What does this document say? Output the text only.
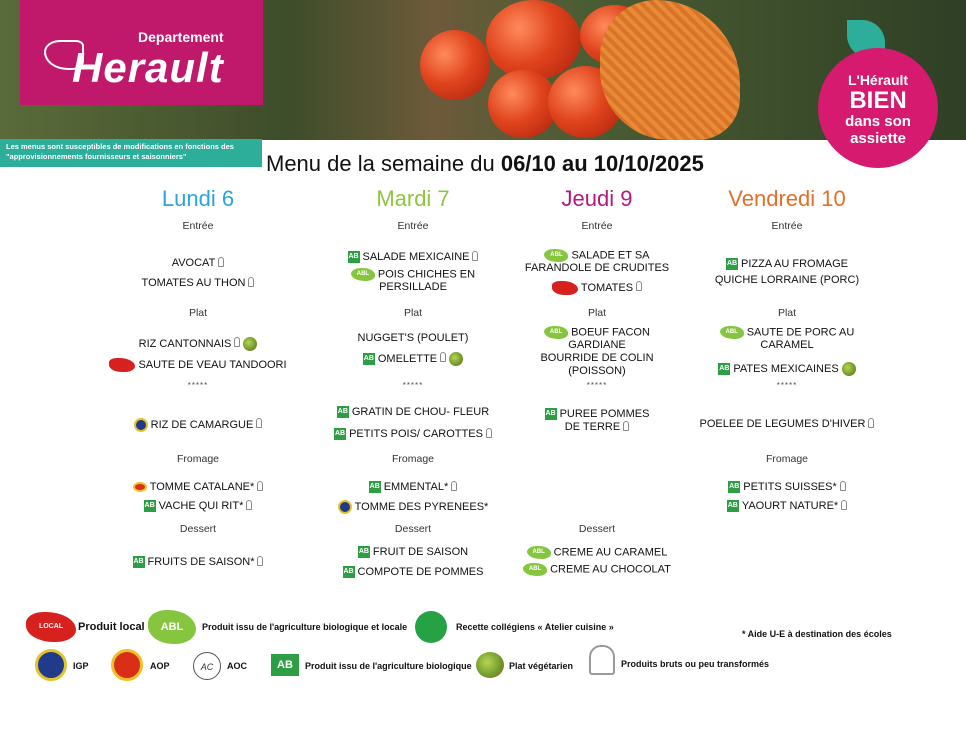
Departement
Herault
Les menus sont susceptibles de modifications en fonctions des "approvisionnements fournisseurs et saisonniers"
L'Hérault
BIEN
dans son
assiette
Menu de la semaine du 06/10 au 10/10/2025
Lundi 6
Entrée
AVOCAT
TOMATES AU THON
Plat
RIZ CANTONNAIS
SAUTE DE VEAU TANDOORI
*****
RIZ DE CAMARGUE
Fromage
TOMME CATALANE*
AB VACHE QUI RIT*
Dessert
AB FRUITS DE SAISON*
Mardi 7
Entrée
AB SALADE MEXICAINE
ABL POIS CHICHES EN
PERSILLADE
Plat
NUGGET'S (POULET)
AB OMELETTE
*****
AB GRATIN DE CHOU- FLEUR
AB PETITS POIS/ CAROTTES
Fromage
AB EMMENTAL*
TOMME DES PYRENEES*
Dessert
AB FRUIT DE SAISON
AB COMPOTE DE POMMES
Jeudi 9
Entrée
ABL SALADE ET SA
FARANDOLE DE CRUDITES
TOMATES
Plat
ABL BOEUF FACON
GARDIANE
BOURRIDE DE COLIN
(POISSON)
*****
AB PUREE POMMES
DE TERRE
Dessert
ABL CREME AU CARAMEL
ABL CREME AU CHOCOLAT
Vendredi 10
Entrée
AB PIZZA AU FROMAGE
QUICHE LORRAINE (PORC)
Plat
ABL SAUTE DE PORC AU
CARAMEL
AB PATES MEXICAINES
*****
POELEE DE LEGUMES D'HIVER
Fromage
AB PETITS SUISSES*
AB YAOURT NATURE*
LOCAL	Produit local	ABL	Produit issu de l'agriculture biologique et locale	Recette collégiens « Atelier cuisine »
* Aide U-E à destination des écoles
IGP	AOP	AC	AOC	AB	Produit issu de l'agriculture biologique	Plat végétarien	Produits bruts ou peu transformés
